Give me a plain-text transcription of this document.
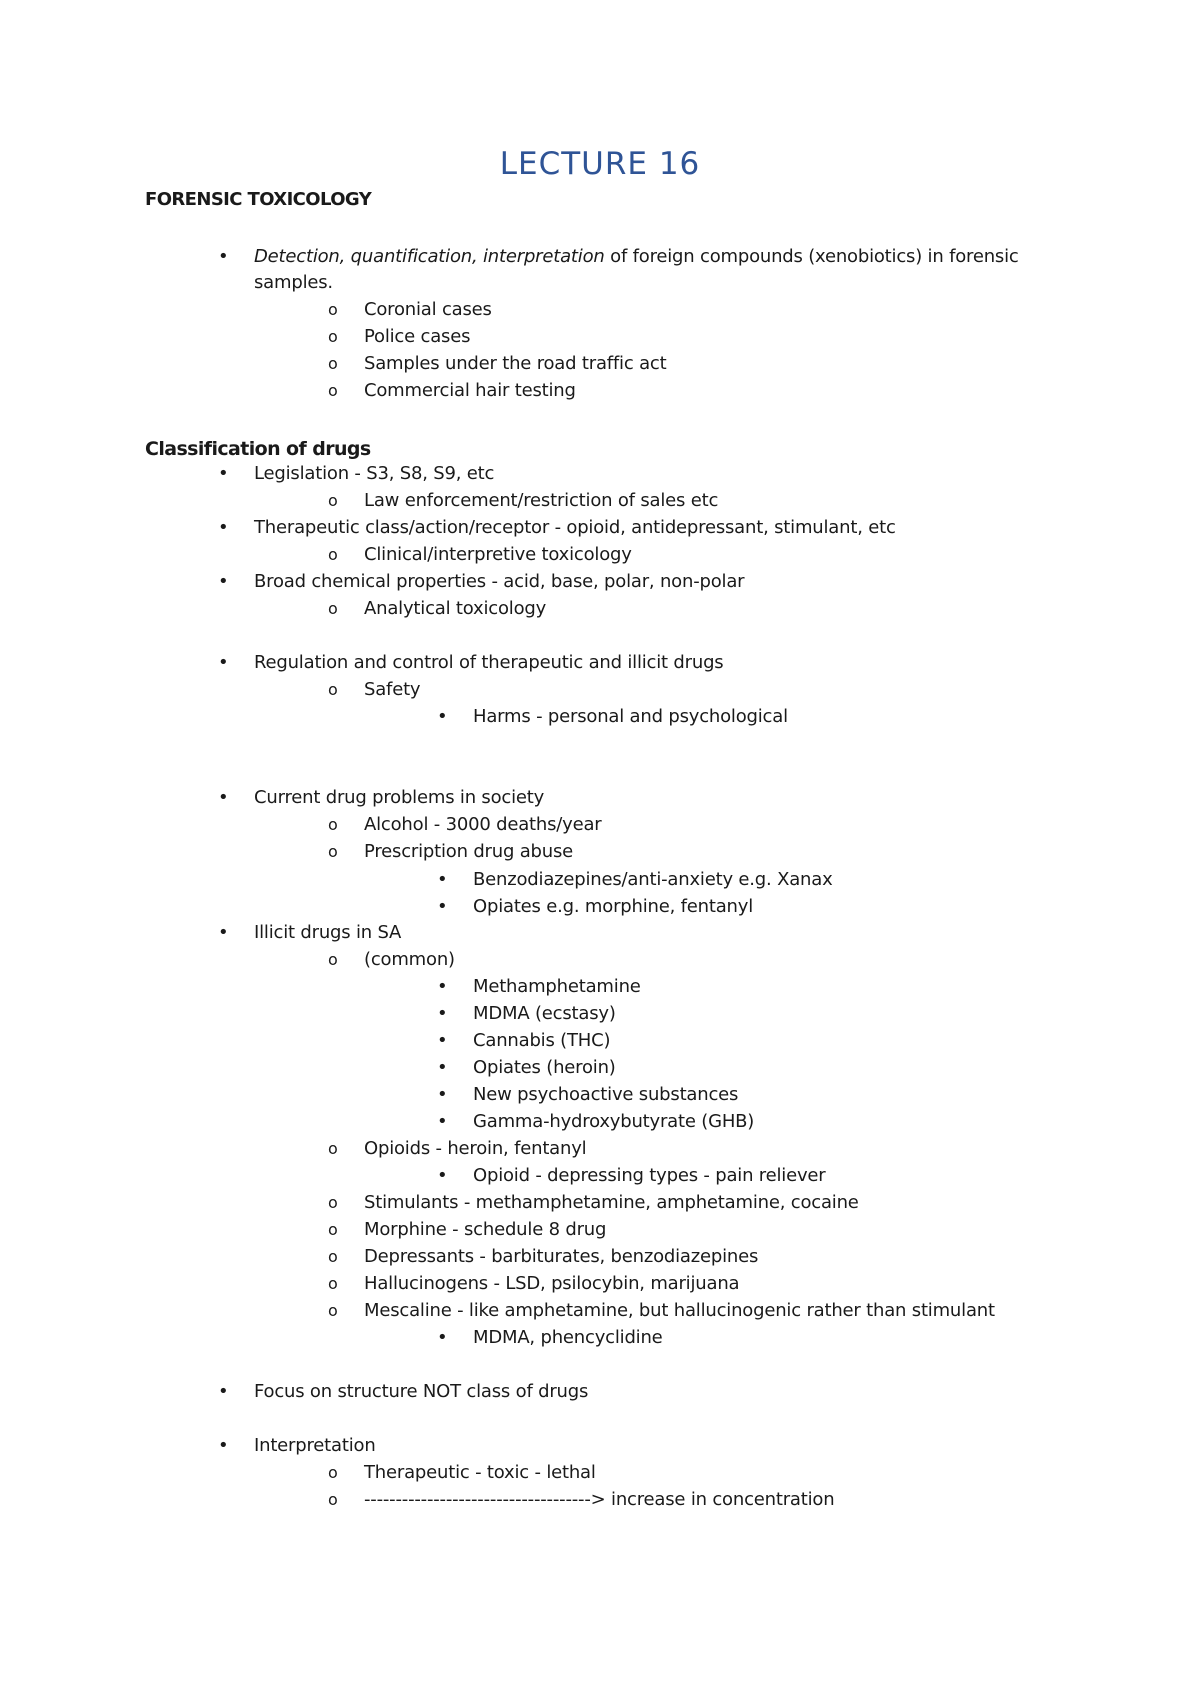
LECTURE 16
FORENSIC TOXICOLOGY
• Detection, quantification, interpretation of foreign compounds (xenobiotics) in forensic
samples.
o Coronial cases
o Police cases
o Samples under the road traffic act
o Commercial hair testing
Classification of drugs
• Legislation - S3, S8, S9, etc
o Law enforcement/restriction of sales etc
• Therapeutic class/action/receptor - opioid, antidepressant, stimulant, etc
o Clinical/interpretive toxicology
• Broad chemical properties - acid, base, polar, non-polar
o Analytical toxicology
• Regulation and control of therapeutic and illicit drugs
o Safety
• Harms - personal and psychological
• Current drug problems in society
o Alcohol - 3000 deaths/year
o Prescription drug abuse
• Benzodiazepines/anti-anxiety e.g. Xanax
• Opiates e.g. morphine, fentanyl
• Illicit drugs in SA
o (common)
• Methamphetamine
• MDMA (ecstasy)
• Cannabis (THC)
• Opiates (heroin)
• New psychoactive substances
• Gamma-hydroxybutyrate (GHB)
o Opioids - heroin, fentanyl
• Opioid - depressing types - pain reliever
o Stimulants - methamphetamine, amphetamine, cocaine
o Morphine - schedule 8 drug
o Depressants - barbiturates, benzodiazepines
o Hallucinogens - LSD, psilocybin, marijuana
o Mescaline - like amphetamine, but hallucinogenic rather than stimulant
• MDMA, phencyclidine
• Focus on structure NOT class of drugs
• Interpretation
o Therapeutic - toxic - lethal
o ------------------------------------> increase in concentration
